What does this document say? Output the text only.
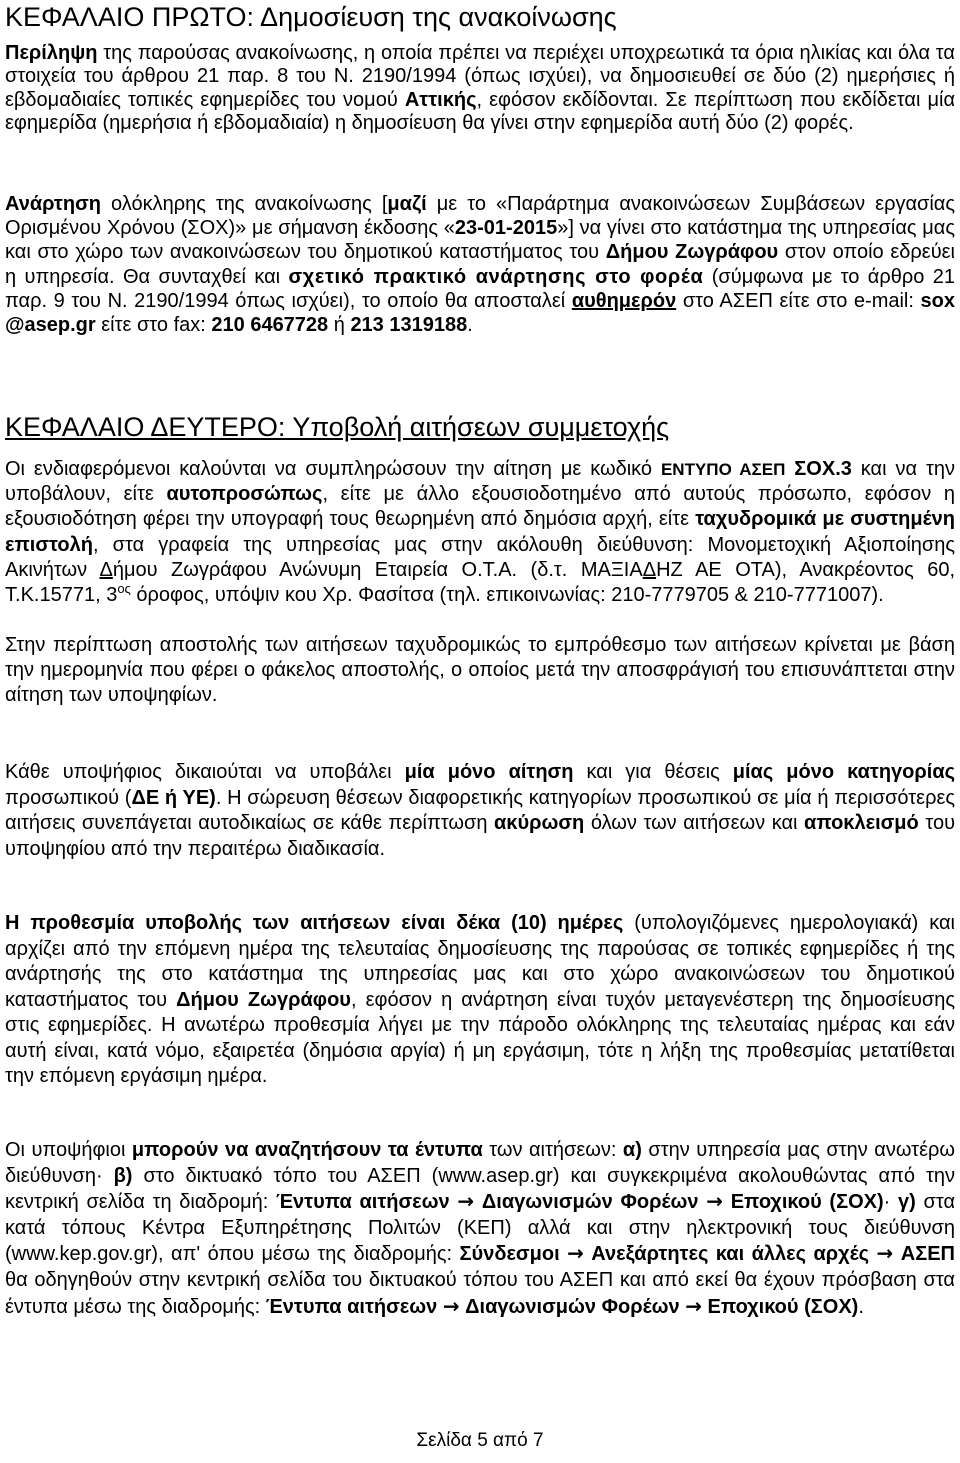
ΚΕΦΑΛΑΙΟ ΠΡΩΤΟ: Δημοσίευση της ανακοίνωσης
Περίληψη της παρούσας ανακοίνωσης, η οποία πρέπει να περιέχει υποχρεωτικά τα όρια ηλικίας και όλα τα στοιχεία του άρθρου 21 παρ. 8 του Ν. 2190/1994 (όπως ισχύει), να δημοσιευθεί σε δύο (2) ημερήσιες ή εβδομαδιαίες τοπικές εφημερίδες του νομού Αττικής, εφόσον εκδίδονται. Σε περίπτωση που εκδίδεται μία εφημερίδα (ημερήσια ή εβδομαδιαία) η δημοσίευση θα γίνει στην εφημερίδα αυτή δύο (2) φορές.
Ανάρτηση ολόκληρης της ανακοίνωσης [μαζί με το «Παράρτημα ανακοινώσεων Συμβάσεων εργασίας Ορισμένου Χρόνου (ΣΟΧ)» με σήμανση έκδοσης «23-01-2015»] να γίνει στο κατάστημα της υπηρεσίας μας και στο χώρο των ανακοινώσεων του δημοτικού καταστήματος του Δήμου Ζωγράφου στον οποίο εδρεύει η υπηρεσία. Θα συνταχθεί και σχετικό πρακτικό ανάρτησης στο φορέα (σύμφωνα με το άρθρο 21 παρ. 9 του Ν. 2190/1994 όπως ισχύει), το οποίο θα αποσταλεί αυθημερόν στο ΑΣΕΠ είτε στο e-mail: sox @asep.gr είτε στο fax: 210 6467728 ή 213 1319188.
ΚΕΦΑΛΑΙΟ ΔΕΥΤΕΡΟ: Υποβολή αιτήσεων συμμετοχής
Οι ενδιαφερόμενοι καλούνται να συμπληρώσουν την αίτηση με κωδικό ΕΝΤΥΠΟ ΑΣΕΠ ΣΟΧ.3 και να την υποβάλουν, είτε αυτοπροσώπως, είτε με άλλο εξουσιοδοτημένο από αυτούς πρόσωπο, εφόσον η εξουσιοδότηση φέρει την υπογραφή τους θεωρημένη από δημόσια αρχή, είτε ταχυδρομικά με συστημένη επιστολή, στα γραφεία της υπηρεσίας μας στην ακόλουθη διεύθυνση: Μονομετοχική Αξιοποίησης Ακινήτων Δήμου Ζωγράφου Ανώνυμη Εταιρεία Ο.Τ.Α. (δ.τ. ΜΑΞΙΑΔΗΖ ΑΕ ΟΤΑ), Ανακρέοντος 60, Τ.Κ.15771, $3^{o\varsigma}$ όροφος, υπόψιν κου Χρ. Φασίτσα (τηλ. επικοινωνίας: 210-7779705 & 210-7771007).
Στην περίπτωση αποστολής των αιτήσεων ταχυδρομικώς το εμπρόθεσμο των αιτήσεων κρίνεται με βάση την ημερομηνία που φέρει ο φάκελος αποστολής, ο οποίος μετά την αποσφράγισή του επισυνάπτεται στην αίτηση των υποψηφίων.
Κάθε υποψήφιος δικαιούται να υποβάλει μία μόνο αίτηση και για θέσεις μίας μόνο κατηγορίας προσωπικού (ΔΕ ή ΥΕ). Η σώρευση θέσεων διαφορετικής κατηγορίων προσωπικού σε μία ή περισσότερες αιτήσεις συνεπάγεται αυτοδικαίως σε κάθε περίπτωση ακύρωση όλων των αιτήσεων και αποκλεισμό του υποψηφίου από την περαιτέρω διαδικασία.
Η προθεσμία υποβολής των αιτήσεων είναι δέκα (10) ημέρες (υπολογιζόμενες ημερολογιακά) και αρχίζει από την επόμενη ημέρα της τελευταίας δημοσίευσης της παρούσας σε τοπικές εφημερίδες ή της ανάρτησής της στο κατάστημα της υπηρεσίας μας και στο χώρο ανακοινώσεων του δημοτικού καταστήματος του Δήμου Ζωγράφου, εφόσον η ανάρτηση είναι τυχόν μεταγενέστερη της δημοσίευσης στις εφημερίδες. Η ανωτέρω προθεσμία λήγει με την πάροδο ολόκληρης της τελευταίας ημέρας και εάν αυτή είναι, κατά νόμο, εξαιρετέα (δημόσια αργία) ή μη εργάσιμη, τότε η λήξη της προθεσμίας μετατίθεται την επόμενη εργάσιμη ημέρα.
Οι υποψήφιοι μπορούν να αναζητήσουν τα έντυπα των αιτήσεων: α) στην υπηρεσία μας στην ανωτέρω διεύθυνση· β) στο δικτυακό τόπο του ΑΣΕΠ (www.asep.gr) και συγκεκριμένα ακολουθώντας από την κεντρική σελίδα τη διαδρομή: Έντυπα αιτήσεων → Διαγωνισμών Φορέων → Εποχικού (ΣΟΧ)· γ) στα κατά τόπους Κέντρα Εξυπηρέτησης Πολιτών (ΚΕΠ) αλλά και στην ηλεκτρονική τους διεύθυνση (www.kep.gov.gr), απ' όπου μέσω της διαδρομής: Σύνδεσμοι → Ανεξάρτητες και άλλες αρχές → ΑΣΕΠ θα οδηγηθούν στην κεντρική σελίδα του δικτυακού τόπου του ΑΣΕΠ και από εκεί θα έχουν πρόσβαση στα έντυπα μέσω της διαδρομής: Έντυπα αιτήσεων → Διαγωνισμών Φορέων → Εποχικού (ΣΟΧ).
Σελίδα 5 από 7
